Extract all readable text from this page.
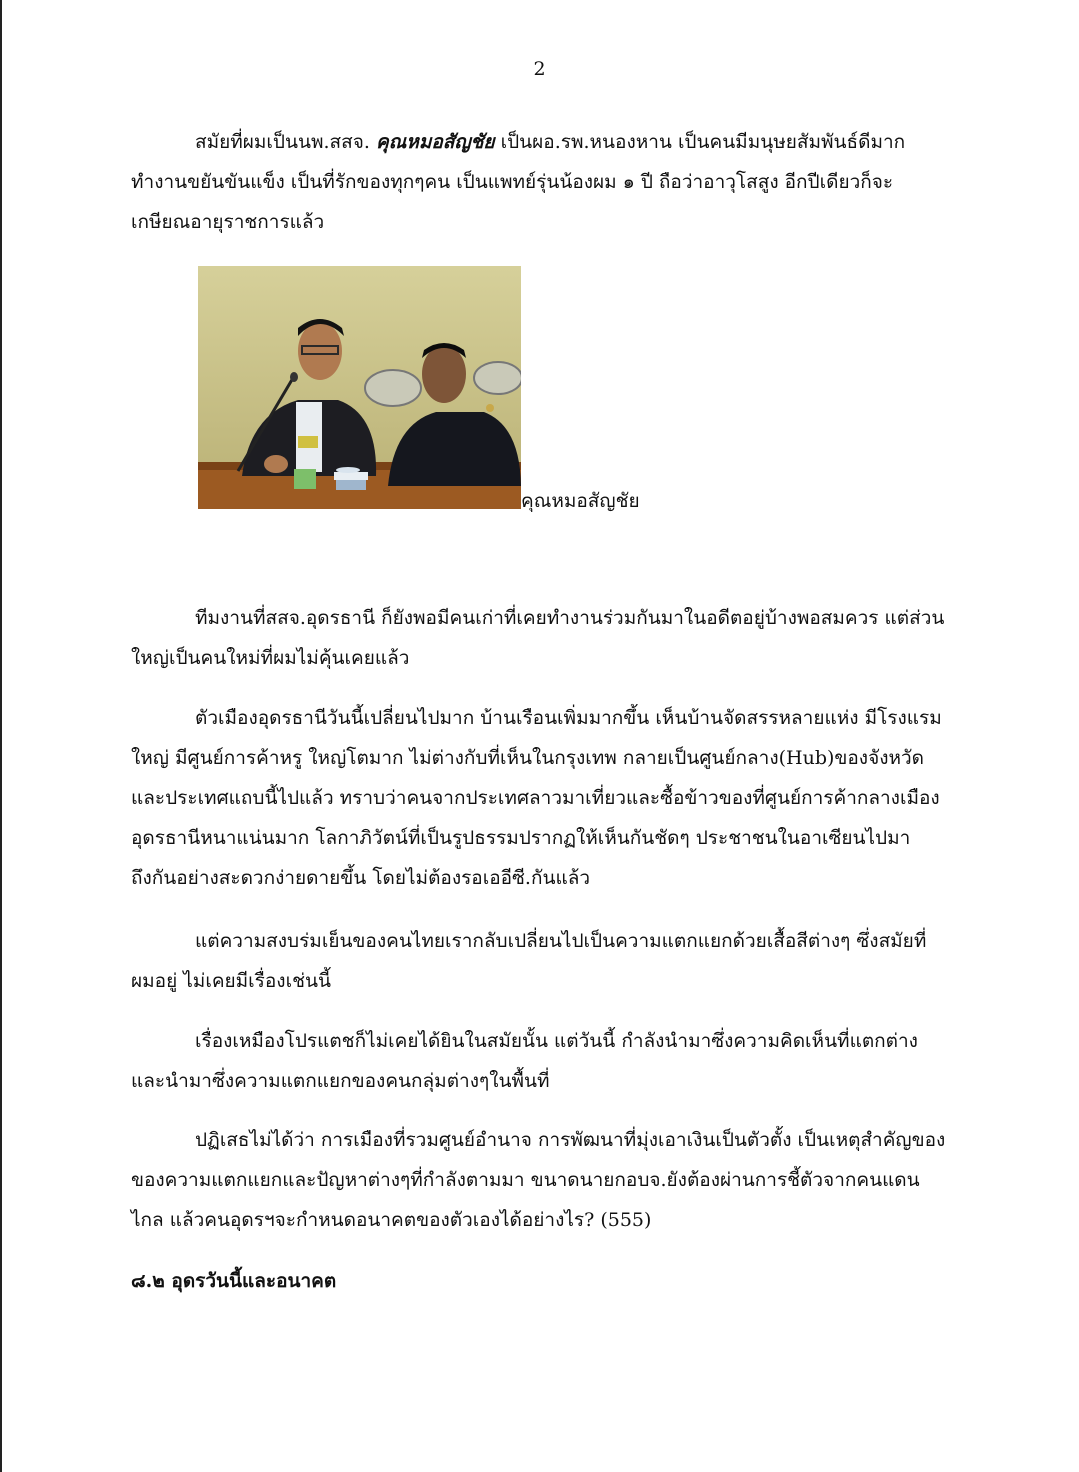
2

สมัยที่ผมเป็นนพ.สสจ. คุณหมอสัญชัย เป็นผอ.รพ.หนองหาน เป็นคนมีมนุษยสัมพันธ์ดีมาก ทำงานขยันขันแข็ง เป็นที่รักของทุกๆคน เป็นแพทย์รุ่นน้องผม ๑ ปี ถือว่าอาวุโสสูง อีกปีเดียวก็จะเกษียณอายุราชการแล้ว

คุณหมอสัญชัย

ทีมงานที่สสจ.อุดรธานี ก็ยังพอมีคนเก่าที่เคยทำงานร่วมกันมาในอดีตอยู่บ้างพอสมควร แต่ส่วนใหญ่เป็นคนใหม่ที่ผมไม่คุ้นเคยแล้ว

ตัวเมืองอุดรธานีวันนี้เปลี่ยนไปมาก บ้านเรือนเพิ่มมากขึ้น เห็นบ้านจัดสรรหลายแห่ง มีโรงแรมใหญ่ มีศูนย์การค้าหรู ใหญ่โตมาก ไม่ต่างกับที่เห็นในกรุงเทพ กลายเป็นศูนย์กลาง(Hub)ของจังหวัดและประเทศแถบนี้ไปแล้ว ทราบว่าคนจากประเทศลาวมาเที่ยวและซื้อข้าวของที่ศูนย์การค้ากลางเมืองอุดรธานีหนาแน่นมาก โลกาภิวัตน์ที่เป็นรูปธรรมปรากฏให้เห็นกันชัดๆ ประชาชนในอาเซียนไปมาถึงกันอย่างสะดวกง่ายดายขึ้น โดยไม่ต้องรอเออีซี.กันแล้ว

แต่ความสงบร่มเย็นของคนไทยเรากลับเปลี่ยนไปเป็นความแตกแยกด้วยเสื้อสีต่างๆ ซึ่งสมัยที่ผมอยู่ ไม่เคยมีเรื่องเช่นนี้

เรื่องเหมืองโปรแตชก็ไม่เคยได้ยินในสมัยนั้น แต่วันนี้ กำลังนำมาซึ่งความคิดเห็นที่แตกต่าง และนำมาซึ่งความแตกแยกของคนกลุ่มต่างๆในพื้นที่

ปฏิเสธไม่ได้ว่า การเมืองที่รวมศูนย์อำนาจ การพัฒนาที่มุ่งเอาเงินเป็นตัวตั้ง เป็นเหตุสำคัญของของความแตกแยกและปัญหาต่างๆที่กำลังตามมา ขนาดนายกอบจ.ยังต้องผ่านการชี้ตัวจากคนแดนไกล แล้วคนอุดรฯจะกำหนดอนาคตของตัวเองได้อย่างไร? (555)

๘.๒ อุดรวันนี้และอนาคต
